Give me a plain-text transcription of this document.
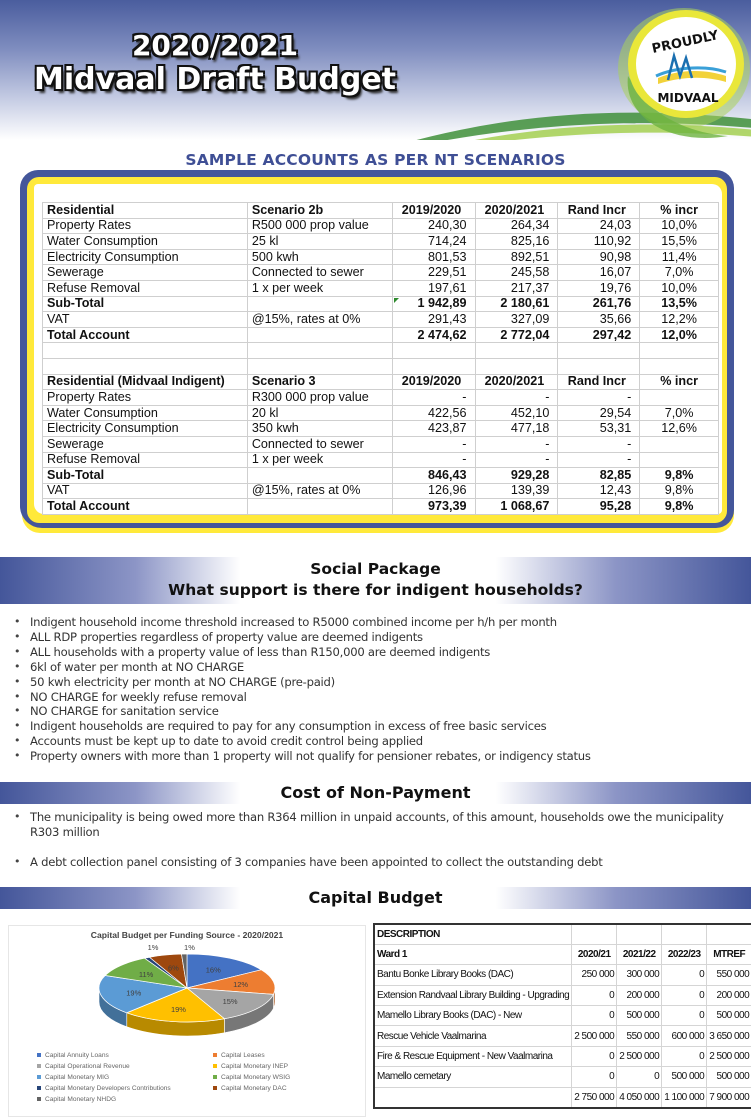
2020/2021
Midvaal Draft Budget
PROUDLY
MIDVAAL
SAMPLE ACCOUNTS AS PER NT SCENARIOS
Residential	Scenario 2b	2019/2020	2020/2021	Rand Incr	% incr
Property Rates	R500 000 prop value	240,30	264,34	24,03	10,0%
Water Consumption	25 kl	714,24	825,16	110,92	15,5%
Electricity Consumption	500 kwh	801,53	892,51	90,98	11,4%
Sewerage	Connected to sewer	229,51	245,58	16,07	7,0%
Refuse Removal	1 x per week	197,61	217,37	19,76	10,0%
Sub-Total		1 942,89	2 180,61	261,76	13,5%
VAT	@15%, rates at 0%	291,43	327,09	35,66	12,2%
Total Account		2 474,62	2 772,04	297,42	12,0%

Residential (Midvaal Indigent)	Scenario 3	2019/2020	2020/2021	Rand Incr	% incr
Property Rates	R300 000 prop value	-	-	-	
Water Consumption	20 kl	422,56	452,10	29,54	7,0%
Electricity Consumption	350 kwh	423,87	477,18	53,31	12,6%
Sewerage	Connected to sewer	-	-	-	
Refuse Removal	1 x per week	-	-	-	
Sub-Total		846,43	929,28	82,85	9,8%
VAT	@15%, rates at 0%	126,96	139,39	12,43	9,8%
Total Account		973,39	1 068,67	95,28	9,8%
Social Package
What support is there for indigent households?
• Indigent household income threshold increased to R5000 combined income per h/h per month
• ALL RDP properties regardless of property value are deemed indigents
• ALL households with a property value of less than R150,000 are deemed indigents
• 6kl of water per month at NO CHARGE
• 50 kwh electricity per month at NO CHARGE (pre-paid)
• NO CHARGE for weekly refuse removal
• NO CHARGE for sanitation service
• Indigent households are required to pay for any consumption in excess of free basic services
• Accounts must be kept up to date to avoid credit control being applied
• Property owners with more than 1 property will not qualify for pensioner rebates, or indigency status
Cost of Non-Payment
• The municipality is being owed more than R364 million in unpaid accounts, of this amount, households owe the municipality R303 million
• A debt collection panel consisting of 3 companies have been appointed to collect the outstanding debt
Capital Budget
Capital Budget per Funding Source - 2020/2021
16%
12%
15%
19%
19%
11%
1%
6%
1%
Capital Annuity Loans	Capital Leases
Capital Operational Revenue	Capital Monetary INEP
Capital Monetary MIG	Capital Monetary WSIG
Capital Monetary Developers Contributions	Capital Monetary DAC
Capital Monetary NHDG
DESCRIPTION				
Ward 1	2020/21	2021/22	2022/23	MTREF
Bantu Bonke Library Books (DAC)	250 000	300 000	0	550 000
Extension Randvaal Library Building - Upgrading	0	200 000	0	200 000
Mamello Library Books (DAC) - New	0	500 000	0	500 000
Rescue Vehicle Vaalmarina	2 500 000	550 000	600 000	3 650 000
Fire & Rescue Equipment - New Vaalmarina	0	2 500 000	0	2 500 000
Mamello cemetary	0	0	500 000	500 000
	2 750 000	4 050 000	1 100 000	7 900 000
